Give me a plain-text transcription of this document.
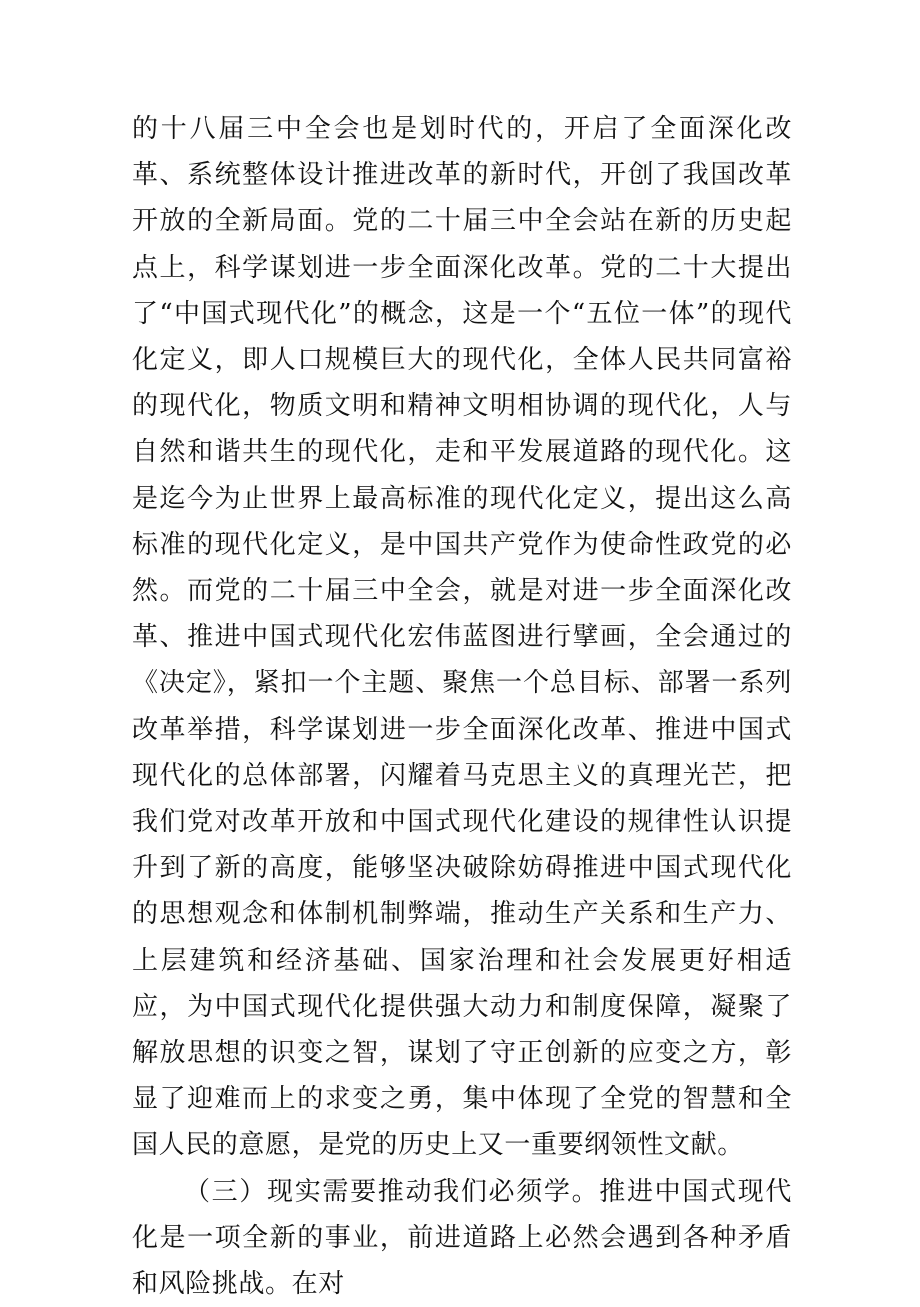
的十八届三中全会也是划时代的，开启了全面深化改革、系统整体设计推进改革的新时代，开创了我国改革开放的全新局面。党的二十届三中全会站在新的历史起点上，科学谋划进一步全面深化改革。党的二十大提出了“中国式现代化”的概念，这是一个“五位一体”的现代化定义，即人口规模巨大的现代化，全体人民共同富裕的现代化，物质文明和精神文明相协调的现代化，人与自然和谐共生的现代化，走和平发展道路的现代化。这是迄今为止世界上最高标准的现代化定义，提出这么高标准的现代化定义，是中国共产党作为使命性政党的必然。而党的二十届三中全会，就是对进一步全面深化改革、推进中国式现代化宏伟蓝图进行擘画，全会通过的《决定》，紧扣一个主题、聚焦一个总目标、部署一系列改革举措，科学谋划进一步全面深化改革、推进中国式现代化的总体部署，闪耀着马克思主义的真理光芒，把我们党对改革开放和中国式现代化建设的规律性认识提升到了新的高度，能够坚决破除妨碍推进中国式现代化的思想观念和体制机制弊端，推动生产关系和生产力、上层建筑和经济基础、国家治理和社会发展更好相适应，为中国式现代化提供强大动力和制度保障，凝聚了解放思想的识变之智，谋划了守正创新的应变之方，彰显了迎难而上的求变之勇，集中体现了全党的智慧和全国人民的意愿，是党的历史上又一重要纲领性文献。

（三）现实需要推动我们必须学。推进中国式现代化是一项全新的事业，前进道路上必然会遇到各种矛盾和风险挑战。在对
